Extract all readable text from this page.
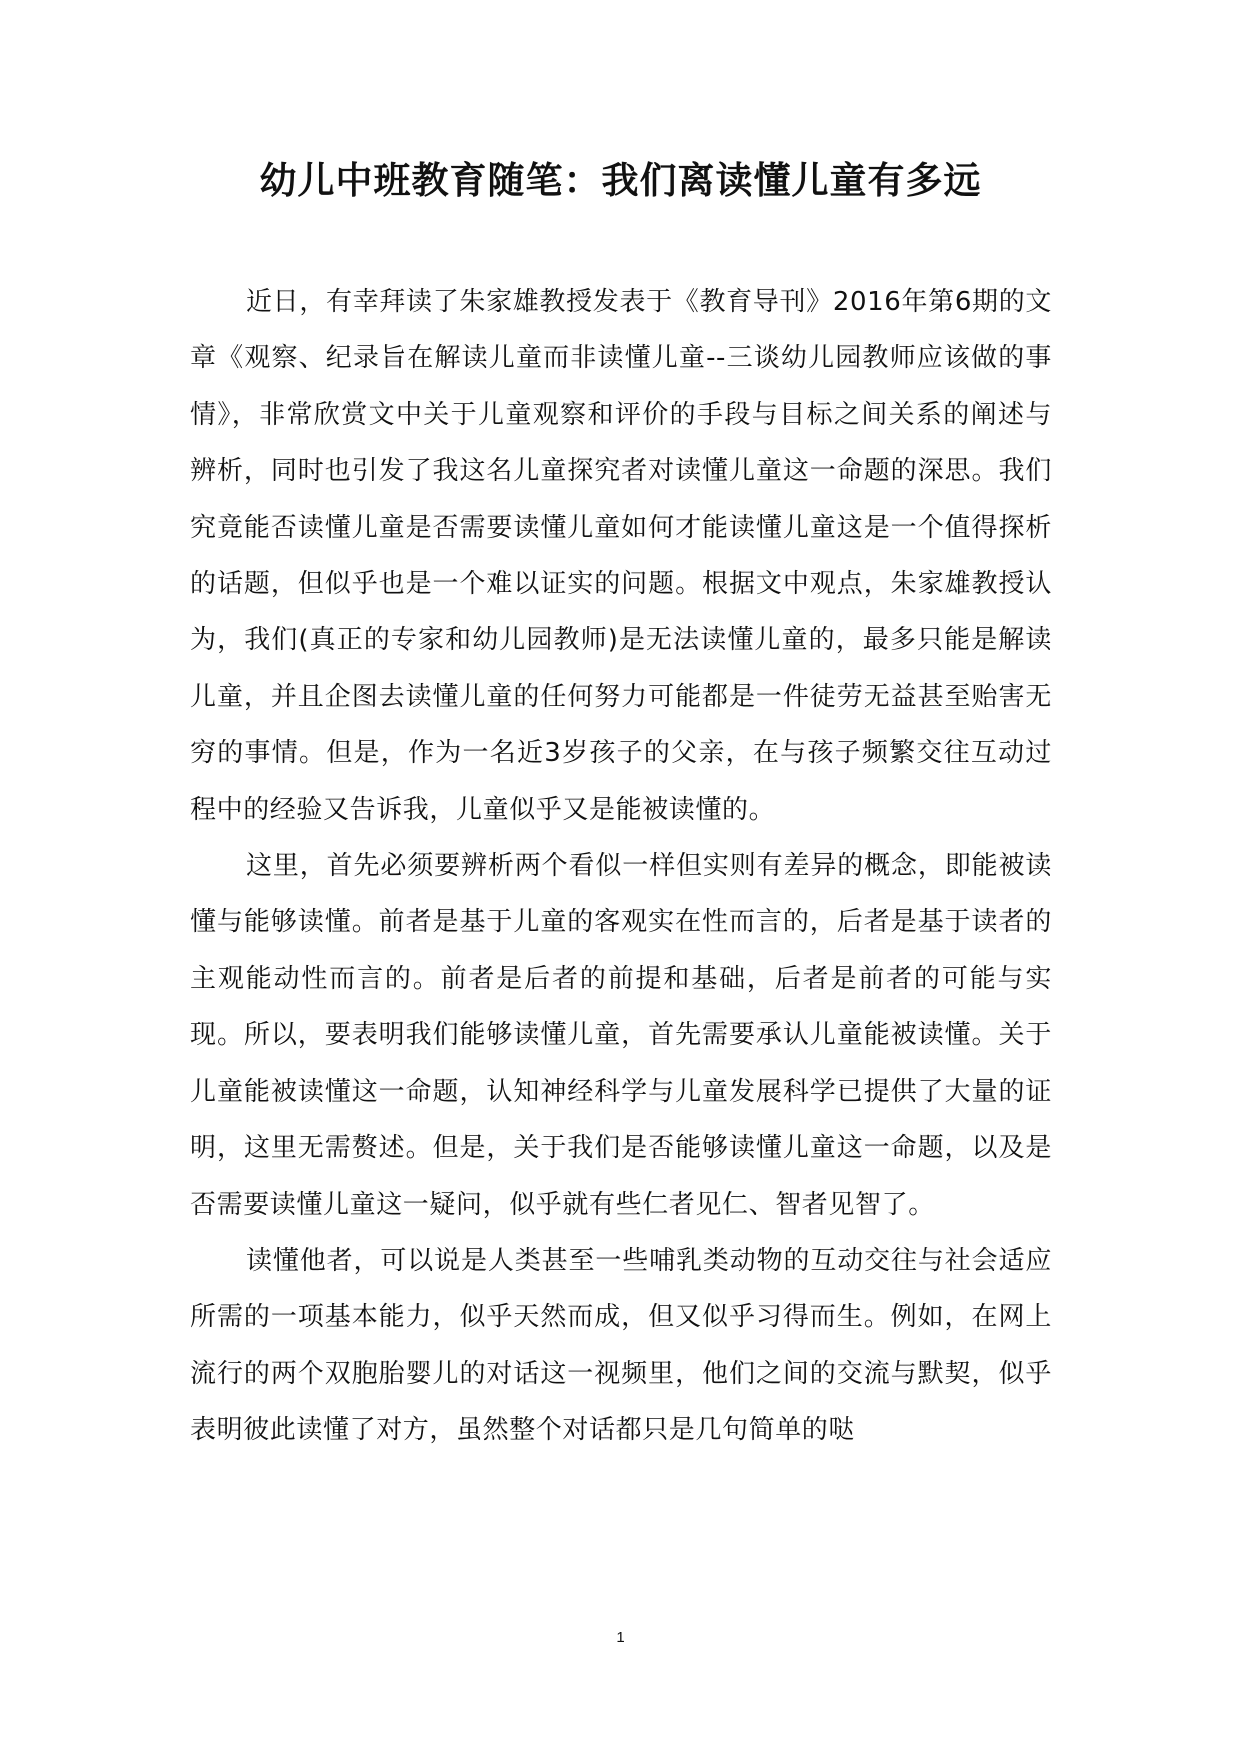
幼儿中班教育随笔：我们离读懂儿童有多远

近日，有幸拜读了朱家雄教授发表于《教育导刊》2016年第6期的文章《观察、纪录旨在解读儿童而非读懂儿童--三谈幼儿园教师应该做的事情》，非常欣赏文中关于儿童观察和评价的手段与目标之间关系的阐述与辨析，同时也引发了我这名儿童探究者对读懂儿童这一命题的深思。我们究竟能否读懂儿童是否需要读懂儿童如何才能读懂儿童这是一个值得探析的话题，但似乎也是一个难以证实的问题。根据文中观点，朱家雄教授认为，我们(真正的专家和幼儿园教师)是无法读懂儿童的，最多只能是解读儿童，并且企图去读懂儿童的任何努力可能都是一件徒劳无益甚至贻害无穷的事情。但是，作为一名近3岁孩子的父亲，在与孩子频繁交往互动过程中的经验又告诉我，儿童似乎又是能被读懂的。

这里，首先必须要辨析两个看似一样但实则有差异的概念，即能被读懂与能够读懂。前者是基于儿童的客观实在性而言的，后者是基于读者的主观能动性而言的。前者是后者的前提和基础，后者是前者的可能与实现。所以，要表明我们能够读懂儿童，首先需要承认儿童能被读懂。关于儿童能被读懂这一命题，认知神经科学与儿童发展科学已提供了大量的证明，这里无需赘述。但是，关于我们是否能够读懂儿童这一命题，以及是否需要读懂儿童这一疑问，似乎就有些仁者见仁、智者见智了。

读懂他者，可以说是人类甚至一些哺乳类动物的互动交往与社会适应所需的一项基本能力，似乎天然而成，但又似乎习得而生。例如，在网上流行的两个双胞胎婴儿的对话这一视频里，他们之间的交流与默契，似乎表明彼此读懂了对方，虽然整个对话都只是几句简单的哒

1
